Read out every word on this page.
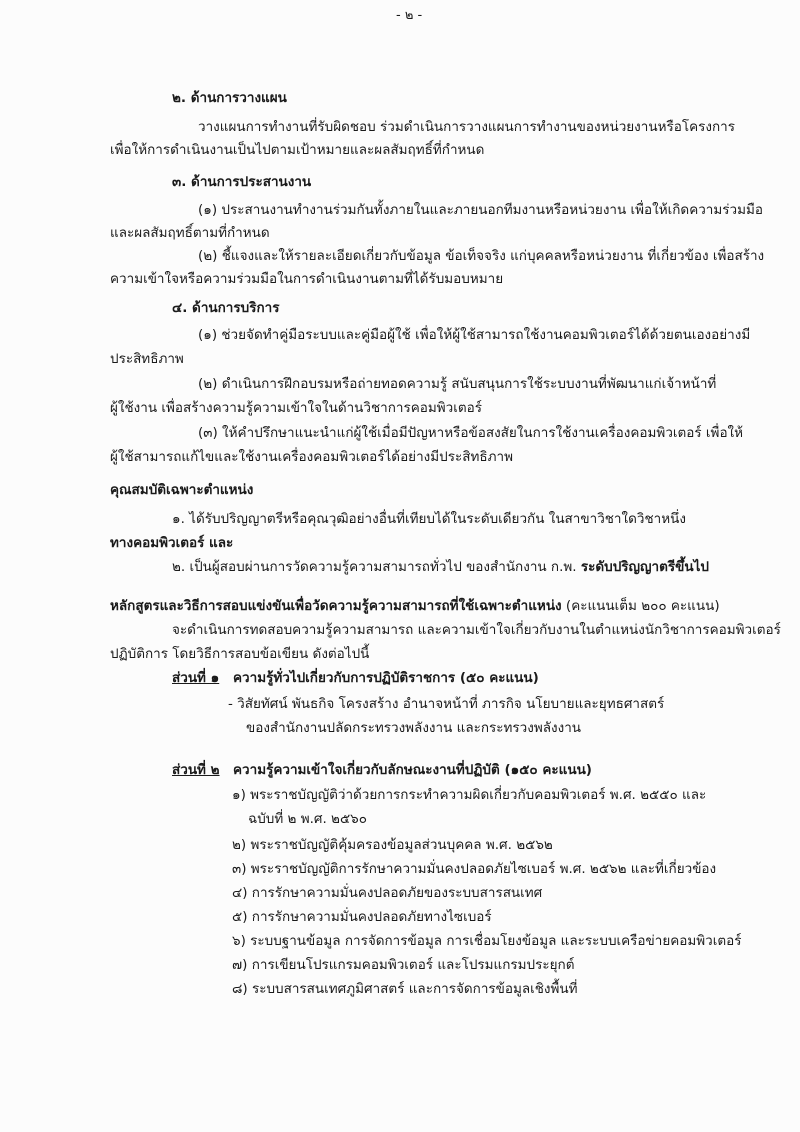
- ๒ -
๒. ด้านการวางแผน
วางแผนการทำงานที่รับผิดชอบ ร่วมดำเนินการวางแผนการทำงานของหน่วยงานหรือโครงการ
เพื่อให้การดำเนินงานเป็นไปตามเป้าหมายและผลสัมฤทธิ์ที่กำหนด
๓. ด้านการประสานงาน
(๑) ประสานงานทำงานร่วมกันทั้งภายในและภายนอกทีมงานหรือหน่วยงาน เพื่อให้เกิดความร่วมมือ
และผลสัมฤทธิ์ตามที่กำหนด
(๒) ชี้แจงและให้รายละเอียดเกี่ยวกับข้อมูล ข้อเท็จจริง แก่บุคคลหรือหน่วยงาน ที่เกี่ยวข้อง เพื่อสร้าง
ความเข้าใจหรือความร่วมมือในการดำเนินงานตามที่ได้รับมอบหมาย
๔. ด้านการบริการ
(๑) ช่วยจัดทำคู่มือระบบและคู่มือผู้ใช้ เพื่อให้ผู้ใช้สามารถใช้งานคอมพิวเตอร์ได้ด้วยตนเองอย่างมี
ประสิทธิภาพ
(๒) ดำเนินการฝึกอบรมหรือถ่ายทอดความรู้ สนับสนุนการใช้ระบบงานที่พัฒนาแก่เจ้าหน้าที่
ผู้ใช้งาน เพื่อสร้างความรู้ความเข้าใจในด้านวิชาการคอมพิวเตอร์
(๓) ให้คำปรึกษาแนะนำแก่ผู้ใช้เมื่อมีปัญหาหรือข้อสงสัยในการใช้งานเครื่องคอมพิวเตอร์ เพื่อให้
ผู้ใช้สามารถแก้ไขและใช้งานเครื่องคอมพิวเตอร์ได้อย่างมีประสิทธิภาพ
คุณสมบัติเฉพาะตำแหน่ง
๑. ได้รับปริญญาตรีหรือคุณวุฒิอย่างอื่นที่เทียบได้ในระดับเดียวกัน ในสาขาวิชาใดวิชาหนึ่ง
ทางคอมพิวเตอร์ และ
๒. เป็นผู้สอบผ่านการวัดความรู้ความสามารถทั่วไป ของสำนักงาน ก.พ. ระดับปริญญาตรีขึ้นไป
หลักสูตรและวิธีการสอบแข่งขันเพื่อวัดความรู้ความสามารถที่ใช้เฉพาะตำแหน่ง (คะแนนเต็ม ๒๐๐ คะแนน)
จะดำเนินการทดสอบความรู้ความสามารถ และความเข้าใจเกี่ยวกับงานในตำแหน่งนักวิชาการคอมพิวเตอร์
ปฏิบัติการ โดยวิธีการสอบข้อเขียน ดังต่อไปนี้
ส่วนที่ ๑ ความรู้ทั่วไปเกี่ยวกับการปฏิบัติราชการ (๕๐ คะแนน)
- วิสัยทัศน์ พันธกิจ โครงสร้าง อำนาจหน้าที่ ภารกิจ นโยบายและยุทธศาสตร์
ของสำนักงานปลัดกระทรวงพลังงาน และกระทรวงพลังงาน
ส่วนที่ ๒ ความรู้ความเข้าใจเกี่ยวกับลักษณะงานที่ปฏิบัติ (๑๕๐ คะแนน)
๑) พระราชบัญญัติว่าด้วยการกระทำความผิดเกี่ยวกับคอมพิวเตอร์ พ.ศ. ๒๕๕๐ และ
ฉบับที่ ๒ พ.ศ. ๒๕๖๐
๒) พระราชบัญญัติคุ้มครองข้อมูลส่วนบุคคล พ.ศ. ๒๕๖๒
๓) พระราชบัญญัติการรักษาความมั่นคงปลอดภัยไซเบอร์ พ.ศ. ๒๕๖๒ และที่เกี่ยวข้อง
๔) การรักษาความมั่นคงปลอดภัยของระบบสารสนเทศ
๕) การรักษาความมั่นคงปลอดภัยทางไซเบอร์
๖) ระบบฐานข้อมูล การจัดการข้อมูล การเชื่อมโยงข้อมูล และระบบเครือข่ายคอมพิวเตอร์
๗) การเขียนโปรแกรมคอมพิวเตอร์ และโปรมแกรมประยุกต์
๘) ระบบสารสนเทศภูมิศาสตร์ และการจัดการข้อมูลเชิงพื้นที่
